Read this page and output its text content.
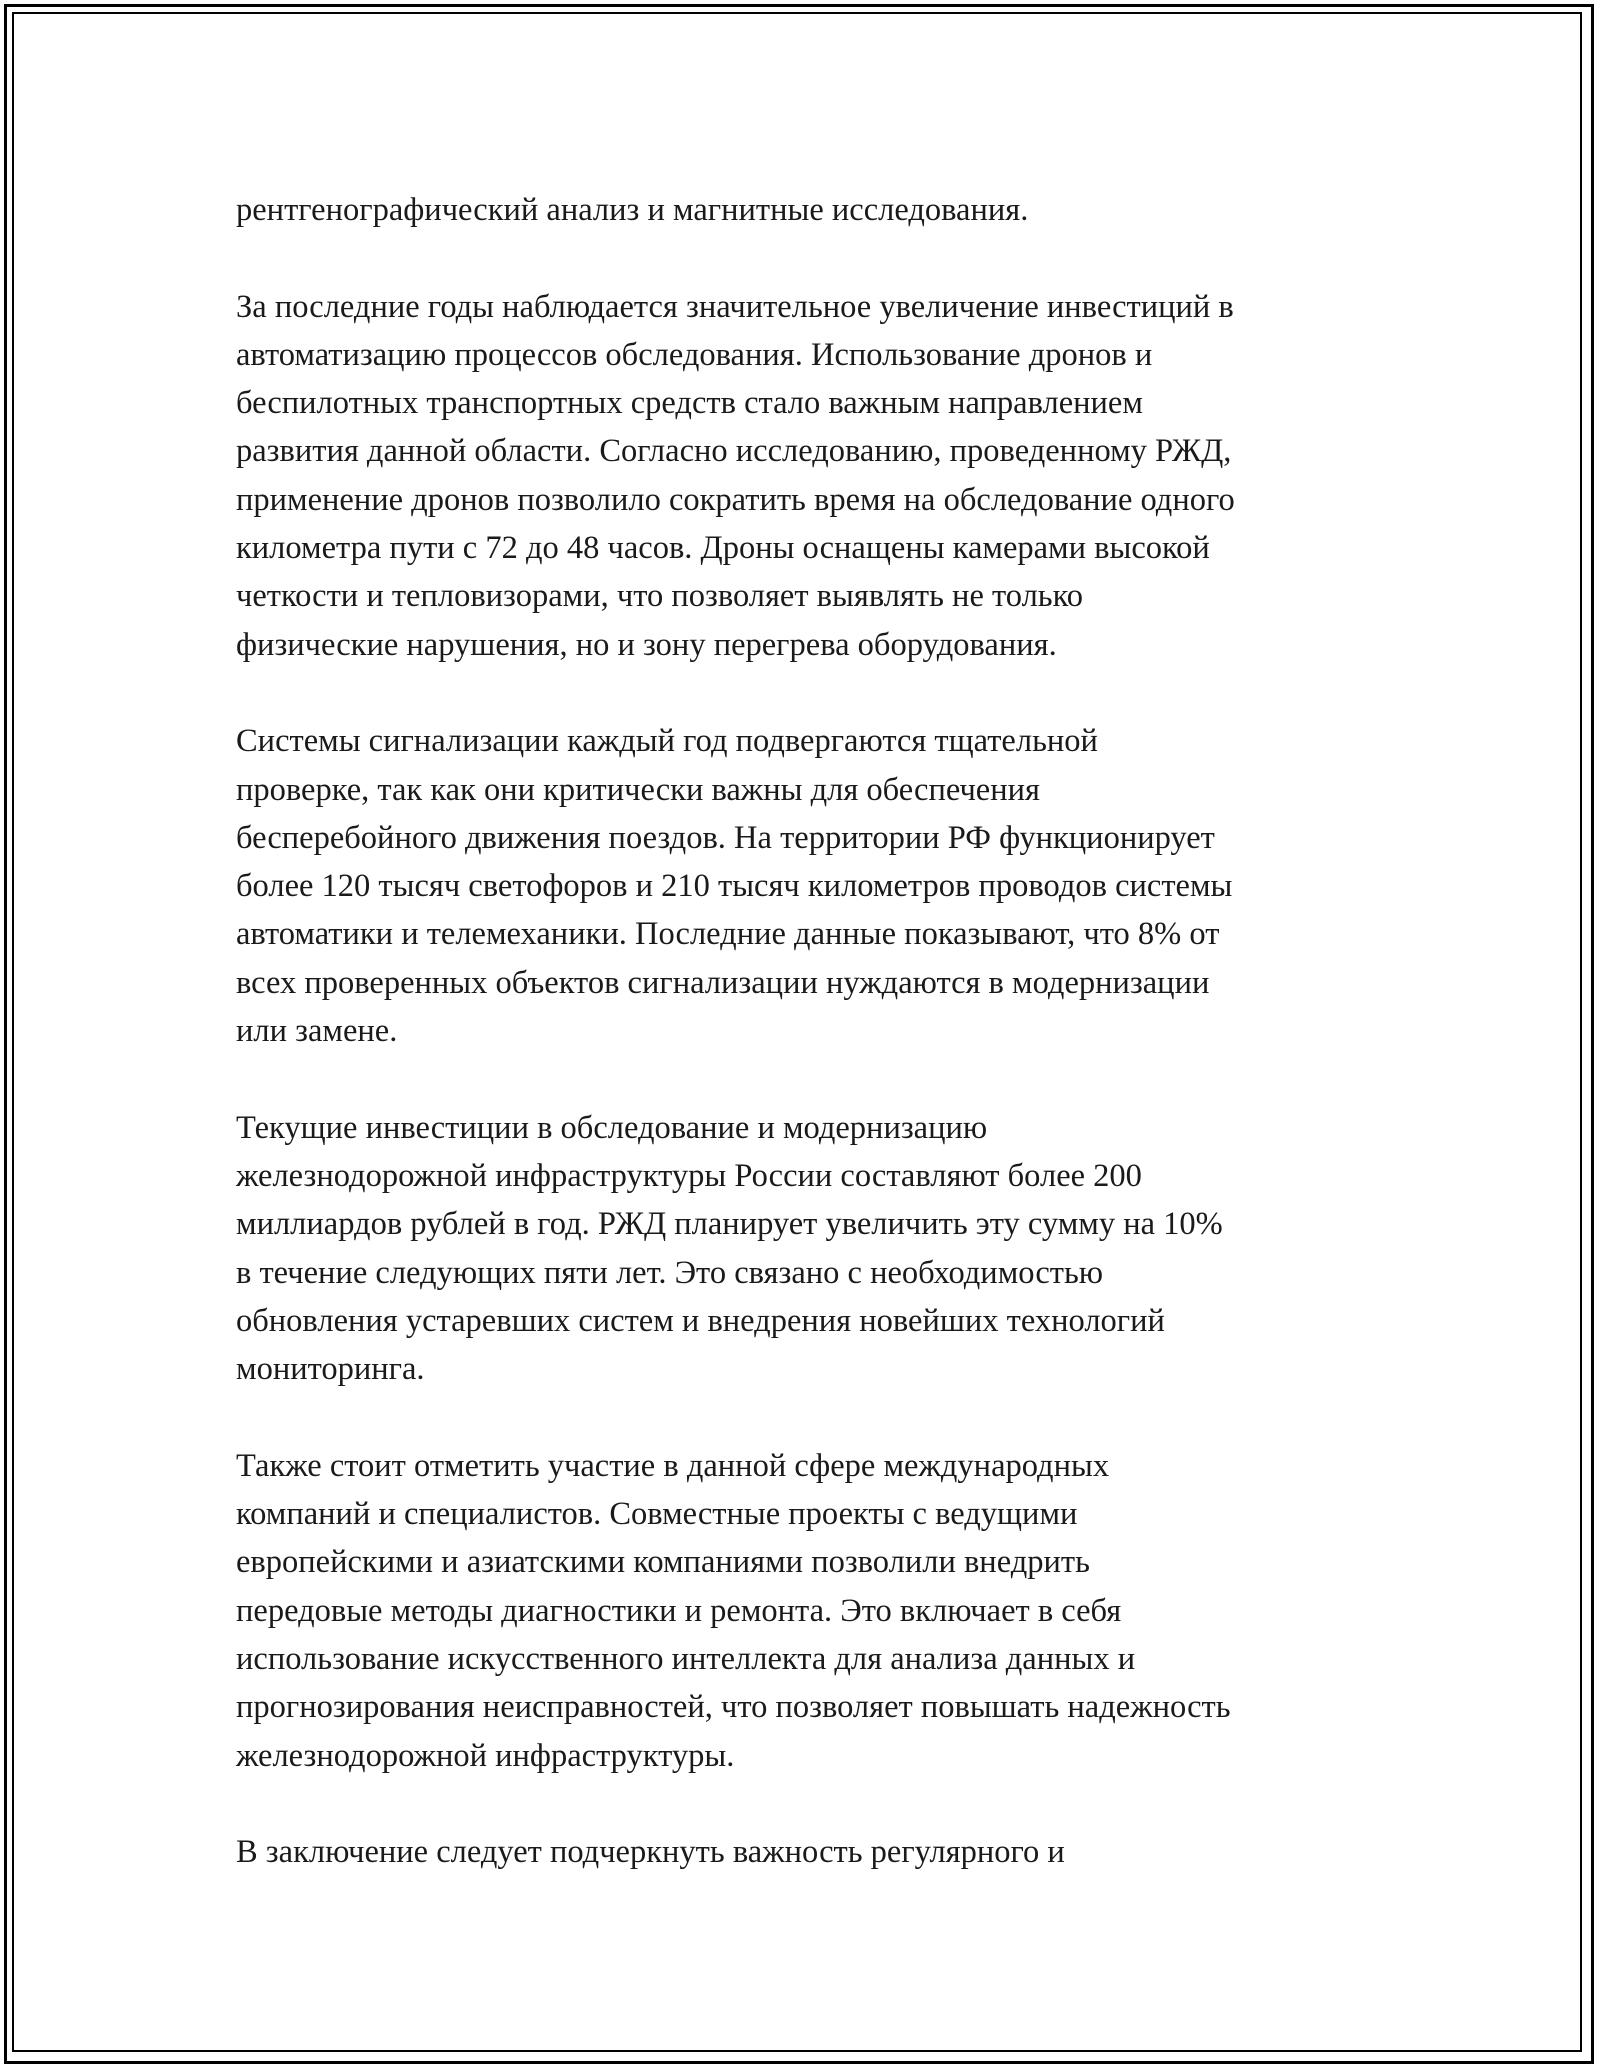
рентгенографический анализ и магнитные исследования.

За последние годы наблюдается значительное увеличение инвестиций в
автоматизацию процессов обследования. Использование дронов и
беспилотных транспортных средств стало важным направлением
развития данной области. Согласно исследованию, проведенному РЖД,
применение дронов позволило сократить время на обследование одного
километра пути с 72 до 48 часов. Дроны оснащены камерами высокой
четкости и тепловизорами, что позволяет выявлять не только
физические нарушения, но и зону перегрева оборудования.

Системы сигнализации каждый год подвергаются тщательной
проверке, так как они критически важны для обеспечения
бесперебойного движения поездов. На территории РФ функционирует
более 120 тысяч светофоров и 210 тысяч километров проводов системы
автоматики и телемеханики. Последние данные показывают, что 8% от
всех проверенных объектов сигнализации нуждаются в модернизации
или замене.

Текущие инвестиции в обследование и модернизацию
железнодорожной инфраструктуры России составляют более 200
миллиардов рублей в год. РЖД планирует увеличить эту сумму на 10%
в течение следующих пяти лет. Это связано с необходимостью
обновления устаревших систем и внедрения новейших технологий
мониторинга.

Также стоит отметить участие в данной сфере международных
компаний и специалистов. Совместные проекты с ведущими
европейскими и азиатскими компаниями позволили внедрить
передовые методы диагностики и ремонта. Это включает в себя
использование искусственного интеллекта для анализа данных и
прогнозирования неисправностей, что позволяет повышать надежность
железнодорожной инфраструктуры.

В заключение следует подчеркнуть важность регулярного и
